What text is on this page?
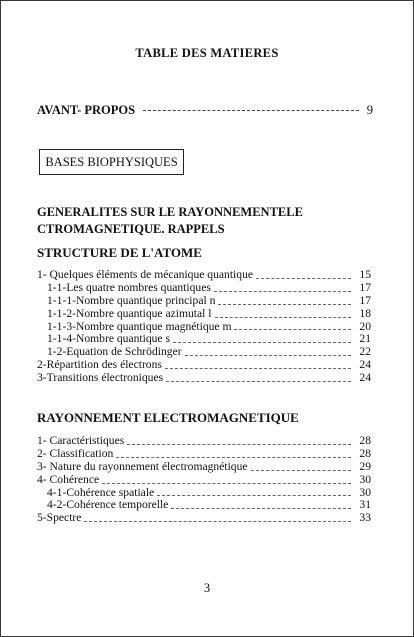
TABLE DES MATIERES
AVANT- PROPOS	9
BASES BIOPHYSIQUES
GENERALITES SUR LE RAYONNEMENTELE
CTROMAGNETIQUE. RAPPELS
STRUCTURE DE L'ATOME
1- Quelques éléments de mécanique quantique	15
1-1-Les quatre nombres quantiques	17
1-1-1-Nombre quantique principal n	17
1-1-2-Nombre quantique azimutal l	18
1-1-3-Nombre quantique magnétique m	20
1-1-4-Nombre quantique s	21
1-2-Equation de Schrödinger	22
2-Répartition des électrons	24
3-Transitions électroniques	24
RAYONNEMENT ELECTROMAGNETIQUE
1- Caractéristiques	28
2- Classification	28
3- Nature du rayonnement électromagnétique	29
4- Cohérence	30
4-1-Cohérence spatiale	30
4-2-Cohérence temporelle	31
5-Spectre	33
3
